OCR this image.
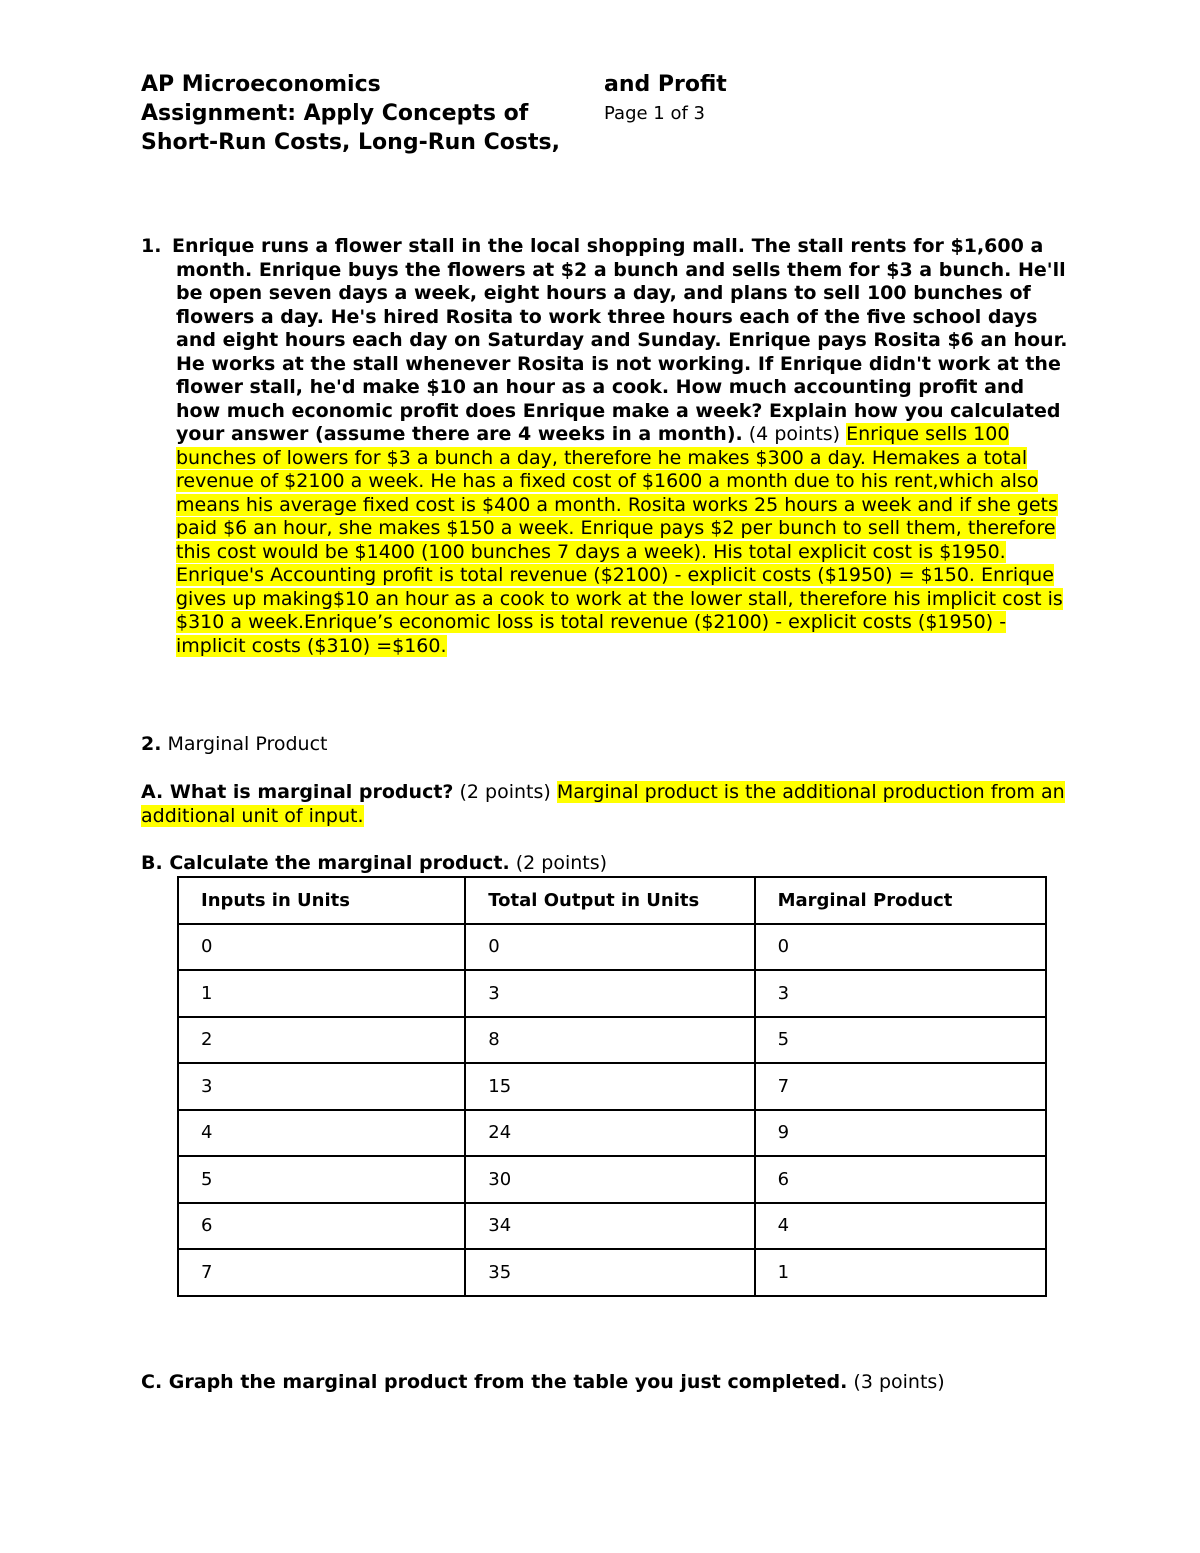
AP Microeconomics
Assignment: Apply Concepts of
Short-Run Costs, Long-Run Costs,
and Profit
Page 1 of 3
1. Enrique runs a flower stall in the local shopping mall. The stall rents for $1,600 a month. Enrique buys the flowers at $2 a bunch and sells them for $3 a bunch. He'll be open seven days a week, eight hours a day, and plans to sell 100 bunches of flowers a day. He's hired Rosita to work three hours each of the five school days and eight hours each day on Saturday and Sunday. Enrique pays Rosita $6 an hour. He works at the stall whenever Rosita is not working. If Enrique didn't work at the flower stall, he'd make $10 an hour as a cook. How much accounting profit and how much economic profit does Enrique make a week? Explain how you calculated your answer (assume there are 4 weeks in a month). (4 points) Enrique sells 100 bunches of lowers for $3 a bunch a day, therefore he makes $300 a day. Hemakes a total revenue of $2100 a week. He has a fixed cost of $1600 a month due to his rent,which also means his average fixed cost is $400 a month. Rosita works 25 hours a week and if she gets paid $6 an hour, she makes $150 a week. Enrique pays $2 per bunch to sell them, therefore this cost would be $1400 (100 bunches 7 days a week). His total explicit cost is $1950. Enrique's Accounting profit is total revenue ($2100) - explicit costs ($1950) = $150. Enrique gives up making$10 an hour as a cook to work at the lower stall, therefore his implicit cost is $310 a week.Enrique’s economic loss is total revenue ($2100) - explicit costs ($1950) - implicit costs ($310) =$160.
2. Marginal Product
A. What is marginal product? (2 points) Marginal product is the additional production from an additional unit of input.
B. Calculate the marginal product. (2 points)
Inputs in Units	Total Output in Units	Marginal Product
0	0	0
1	3	3
2	8	5
3	15	7
4	24	9
5	30	6
6	34	4
7	35	1
C. Graph the marginal product from the table you just completed. (3 points)
